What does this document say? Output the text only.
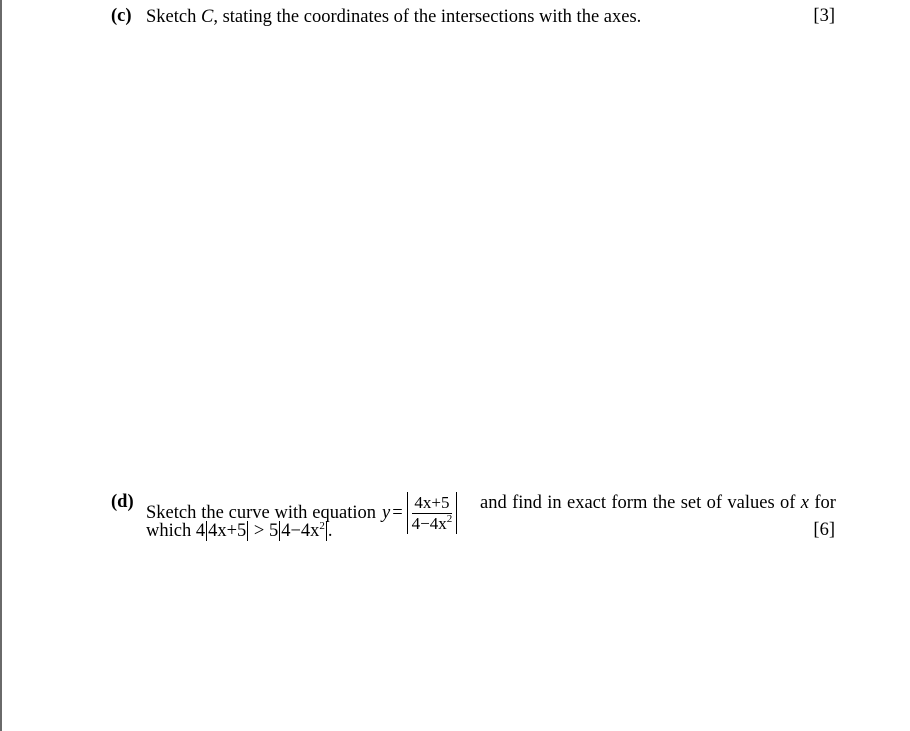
(c) Sketch C, stating the coordinates of the intersections with the axes.	[3]
(d)
Sketch the curve with equation $y = \frac{4x+5}{4-4x^2}$ and find in exact form the set of values of x for
which 4 4x+5 > 5 $4-4x^2$ .	[6]
